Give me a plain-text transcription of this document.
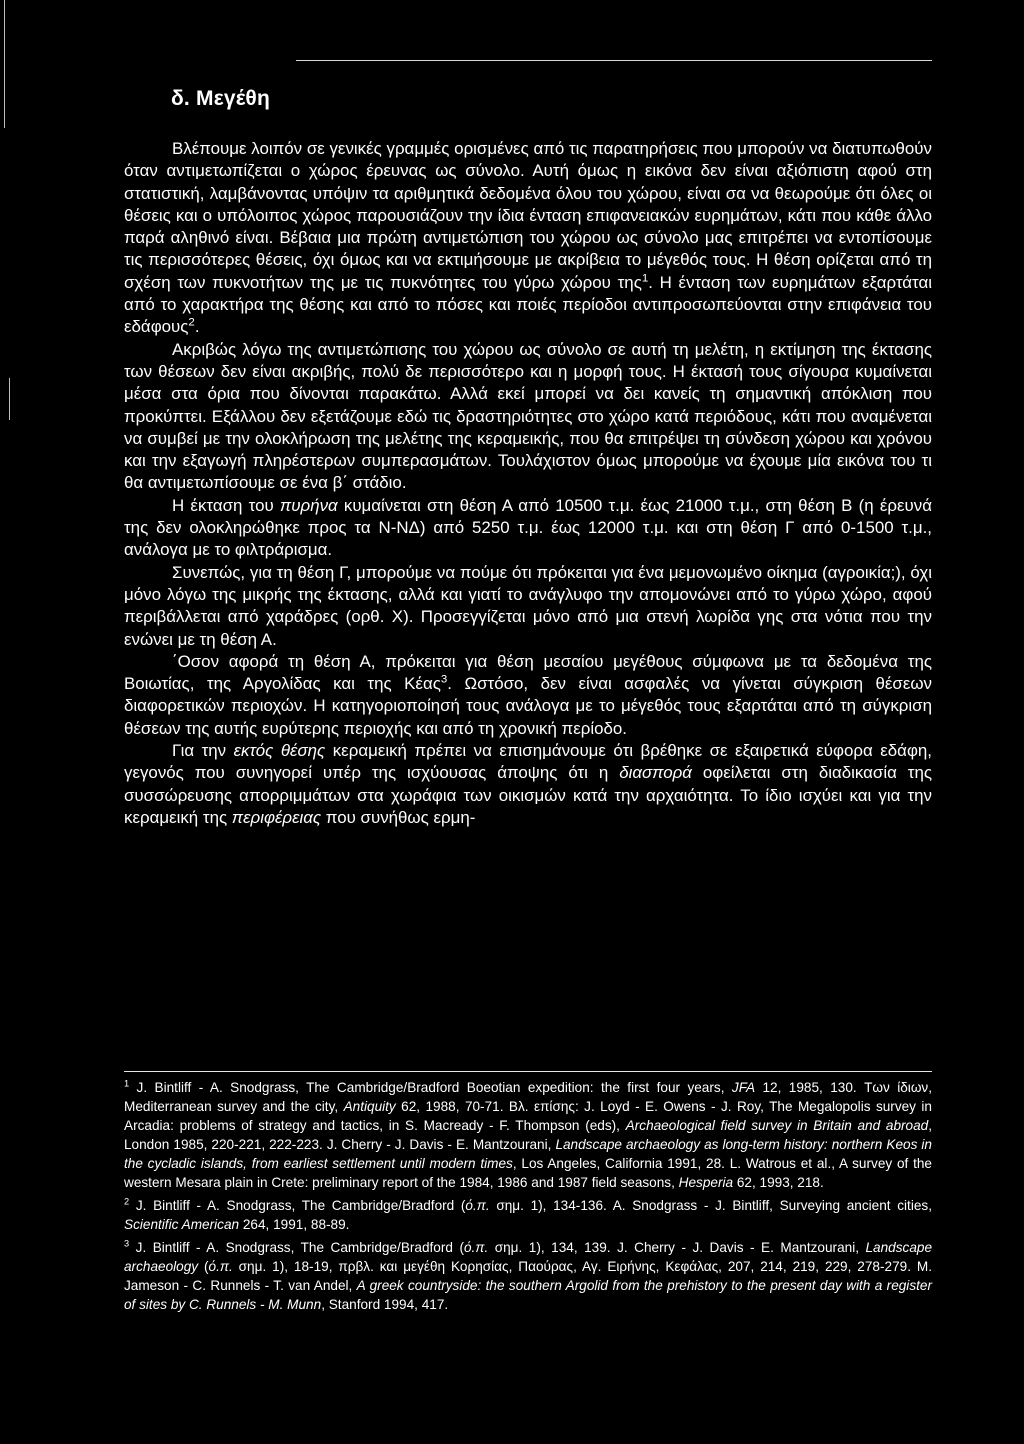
δ. Μεγέθη

Βλέπουμε λοιπόν σε γενικές γραμμές ορισμένες από τις παρατηρήσεις που μπορούν να διατυπωθούν όταν αντιμετωπίζεται ο χώρος έρευνας ως σύνολο. Αυτή όμως η εικόνα δεν είναι αξιόπιστη αφού στη στατιστική, λαμβάνοντας υπόψιν τα αριθμητικά δεδομένα όλου του χώρου, είναι σα να θεωρούμε ότι όλες οι θέσεις και ο υπόλοιπος χώρος παρουσιάζουν την ίδια ένταση επιφανειακών ευρημάτων, κάτι που κάθε άλλο παρά αληθινό είναι. Βέβαια μια πρώτη αντιμετώπιση του χώρου ως σύνολο μας επιτρέπει να εντοπίσουμε τις περισσότερες θέσεις, όχι όμως και να εκτιμήσουμε με ακρίβεια το μέγεθός τους. Η θέση ορίζεται από τη σχέση των πυκνοτήτων της με τις πυκνότητες του γύρω χώρου της$^1$. Η ένταση των ευρημάτων εξαρτάται από το χαρακτήρα της θέσης και από το πόσες και ποιές περίοδοι αντιπροσωπεύονται στην επιφάνεια του εδάφους$^2$.

Ακριβώς λόγω της αντιμετώπισης του χώρου ως σύνολο σε αυτή τη μελέτη, η εκτίμηση της έκτασης των θέσεων δεν είναι ακριβής, πολύ δε περισσότερο και η μορφή τους. Η έκτασή τους σίγουρα κυμαίνεται μέσα στα όρια που δίνονται παρακάτω. Αλλά εκεί μπορεί να δει κανείς τη σημαντική απόκλιση που προκύπτει. Εξάλλου δεν εξετάζουμε εδώ τις δραστηριότητες στο χώρο κατά περιόδους, κάτι που αναμένεται να συμβεί με την ολοκλήρωση της μελέτης της κεραμεικής, που θα επιτρέψει τη σύνδεση χώρου και χρόνου και την εξαγωγή πληρέστερων συμπερασμάτων. Τουλάχιστον όμως μπορούμε να έχουμε μία εικόνα του τι θα αντιμετωπίσουμε σε ένα β΄ στάδιο.

Η έκταση του πυρήνα κυμαίνεται στη θέση Α από 10500 τ.μ. έως 21000 τ.μ., στη θέση Β (η έρευνά της δεν ολοκληρώθηκε προς τα Ν-ΝΔ) από 5250 τ.μ. έως 12000 τ.μ. και στη θέση Γ από 0-1500 τ.μ., ανάλογα με το φιλτράρισμα.

Συνεπώς, για τη θέση Γ, μπορούμε να πούμε ότι πρόκειται για ένα μεμονωμένο οίκημα (αγροικία;), όχι μόνο λόγω της μικρής της έκτασης, αλλά και γιατί το ανάγλυφο την απομονώνει από το γύρω χώρο, αφού περιβάλλεται από χαράδρες (ορθ. Χ). Προσεγγίζεται μόνο από μια στενή λωρίδα γης στα νότια που την ενώνει με τη θέση Α.

΄Οσον αφορά τη θέση Α, πρόκειται για θέση μεσαίου μεγέθους σύμφωνα με τα δεδομένα της Βοιωτίας, της Αργολίδας και της Κέας$^3$. Ωστόσο, δεν είναι ασφαλές να γίνεται σύγκριση θέσεων διαφορετικών περιοχών. Η κατηγοριοποίησή τους ανάλογα με το μέγεθός τους εξαρτάται από τη σύγκριση θέσεων της αυτής ευρύτερης περιοχής και από τη χρονική περίοδο.

Για την εκτός θέσης κεραμεική πρέπει να επισημάνουμε ότι βρέθηκε σε εξαιρετικά εύφορα εδάφη, γεγονός που συνηγορεί υπέρ της ισχύουσας άποψης ότι η διασπορά οφείλεται στη διαδικασία της συσσώρευσης απορριμμάτων στα χωράφια των οικισμών κατά την αρχαιότητα. Το ίδιο ισχύει και για την κεραμεική της περιφέρειας που συνήθως ερμη-

$^1$ J. Bintliff - A. Snodgrass, The Cambridge/Bradford Boeotian expedition: the first four years, JFA 12, 1985, 130. Των ίδιων, Mediterranean survey and the city, Antiquity 62, 1988, 70-71. Βλ. επίσης: J. Loyd - E. Owens - J. Roy, The Megalopolis survey in Arcadia: problems of strategy and tactics, in S. Macready - F. Thompson (eds), Archaeological field survey in Britain and abroad, London 1985, 220-221, 222-223. J. Cherry - J. Davis - E. Mantzourani, Landscape archaeology as long-term history: northern Keos in the cycladic islands, from earliest settlement until modern times, Los Angeles, California 1991, 28. L. Watrous et al., A survey of the western Mesara plain in Crete: preliminary report of the 1984, 1986 and 1987 field seasons, Hesperia 62, 1993, 218.

$^2$ J. Bintliff - A. Snodgrass, The Cambridge/Bradford (ό.π. σημ. 1), 134-136. A. Snodgrass - J. Bintliff, Surveying ancient cities, Scientific American 264, 1991, 88-89.

$^3$ J. Bintliff - A. Snodgrass, The Cambridge/Bradford (ό.π. σημ. 1), 134, 139. J. Cherry - J. Davis - E. Mantzourani, Landscape archaeology (ό.π. σημ. 1), 18-19, πρβλ. και μεγέθη Κορησίας, Παούρας, Αγ. Ειρήνης, Κεφάλας, 207, 214, 219, 229, 278-279. M. Jameson - C. Runnels - T. van Andel, A greek countryside: the southern Argolid from the prehistory to the present day with a register of sites by C. Runnels - M. Munn, Stanford 1994, 417.
